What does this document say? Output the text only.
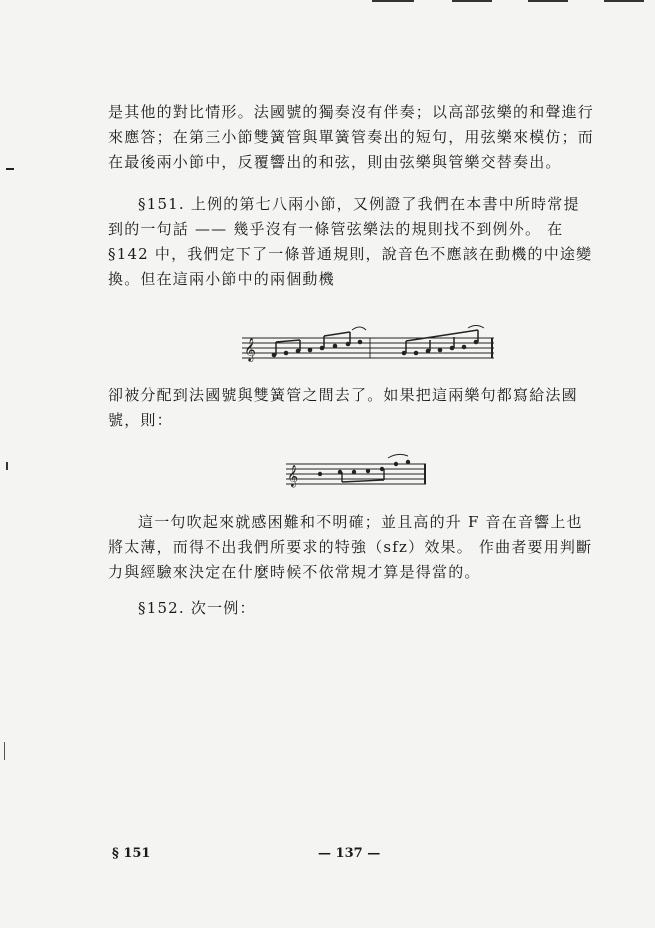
是其他的對比情形。法國號的獨奏沒有伴奏；以高部弦樂的和聲進行
來應答；在第三小節雙簧管與單簧管奏出的短句，用弦樂來模仿；而
在最後兩小節中，反覆響出的和弦，則由弦樂與管樂交替奏出。
§151. 上例的第七八兩小節，又例證了我們在本書中所時常提
到的一句話 —— 幾乎沒有一條管弦樂法的規則找不到例外。 在
§142 中，我們定下了一條普通規則，說音色不應該在動機的中途變
換。但在這兩小節中的兩個動機
𝄞
卻被分配到法國號與雙簧管之間去了。如果把這兩樂句都寫給法國
號，則：
𝄞
這一句吹起來就感困難和不明確；並且高的升 F 音在音響上也
將太薄，而得不出我們所要求的特強（sfz）效果。 作曲者要用判斷
力與經驗來決定在什麼時候不依常規才算是得當的。
§152. 次一例：
§ 151	— 137 —
